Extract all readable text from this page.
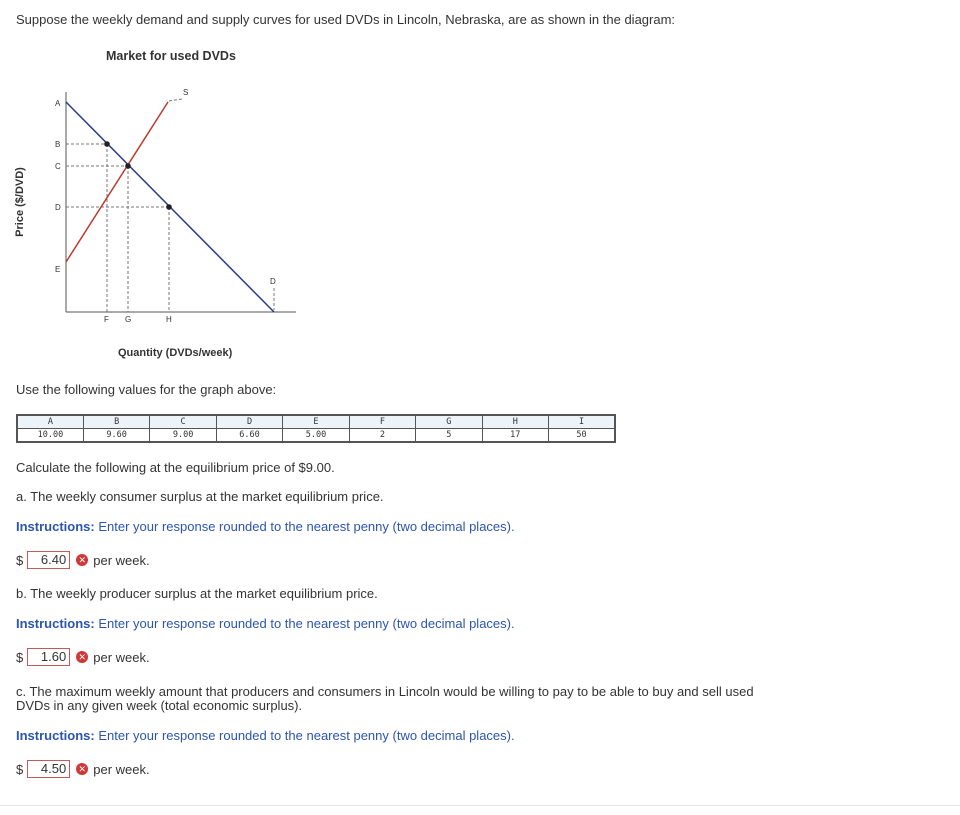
Suppose the weekly demand and supply curves for used DVDs in Lincoln, Nebraska, are as shown in the diagram:
A
B
C
D
E
F G	H
S
D
Market for used DVDs
Price ($/DVD)
Quantity (DVDs/week)
Use the following values for the graph above:
A	B	C	D	E	F	G	H	I
10.00	9.60	9.00	6.60	5.00	2	5	17	50
Calculate the following at the equilibrium price of $9.00.
a. The weekly consumer surplus at the market equilibrium price.
Instructions: Enter your response rounded to the nearest penny (two decimal places).
$	6.40	✕ per week.
b. The weekly producer surplus at the market equilibrium price.
Instructions: Enter your response rounded to the nearest penny (two decimal places).
$	1.60	✕ per week.
c. The maximum weekly amount that producers and consumers in Lincoln would be willing to pay to be able to buy and sell used
DVDs in any given week (total economic surplus).
Instructions: Enter your response rounded to the nearest penny (two decimal places).
$	4.50	✕ per week.
